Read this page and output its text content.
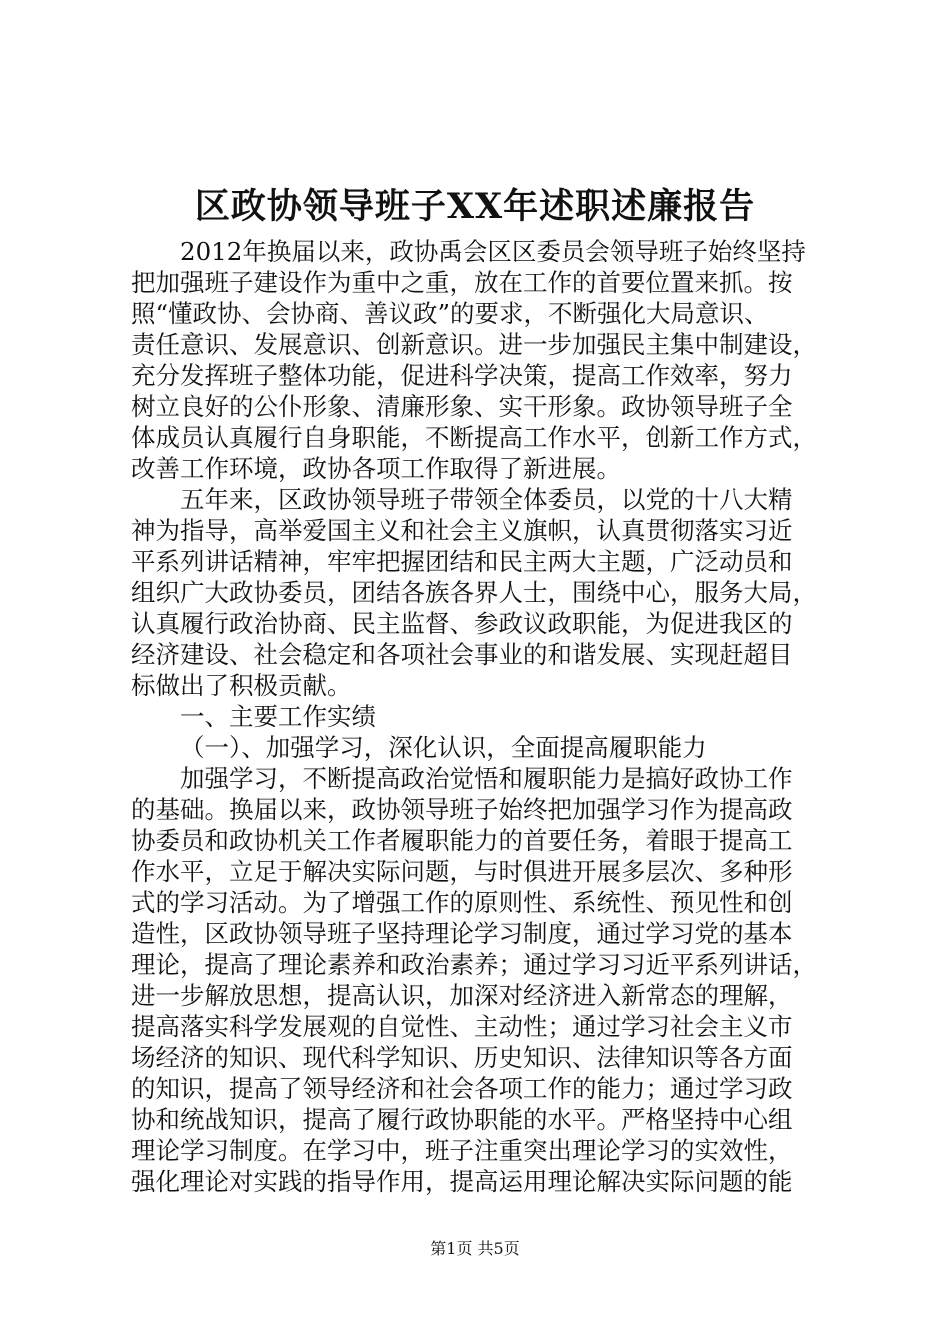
区政协领导班子XX年述职述廉报告

2012年换届以来，政协禹会区区委员会领导班子始终坚持

把加强班子建设作为重中之重，放在工作的首要位置来抓。按

照“懂政协、会协商、善议政”的要求，不断强化大局意识、

责任意识、发展意识、创新意识。进一步加强民主集中制建设，

充分发挥班子整体功能，促进科学决策，提高工作效率，努力

树立良好的公仆形象、清廉形象、实干形象。政协领导班子全

体成员认真履行自身职能，不断提高工作水平，创新工作方式，

改善工作环境，政协各项工作取得了新进展。

五年来，区政协领导班子带领全体委员，以党的十八大精

神为指导，高举爱国主义和社会主义旗帜，认真贯彻落实习近

平系列讲话精神，牢牢把握团结和民主两大主题，广泛动员和

组织广大政协委员，团结各族各界人士，围绕中心，服务大局，

认真履行政治协商、民主监督、参政议政职能，为促进我区的

经济建设、社会稳定和各项社会事业的和谐发展、实现赶超目

标做出了积极贡献。

一、主要工作实绩

（一）、加强学习，深化认识，全面提高履职能力

加强学习，不断提高政治觉悟和履职能力是搞好政协工作

的基础。换届以来，政协领导班子始终把加强学习作为提高政

协委员和政协机关工作者履职能力的首要任务，着眼于提高工

作水平，立足于解决实际问题，与时俱进开展多层次、多种形

式的学习活动。为了增强工作的原则性、系统性、预见性和创

造性，区政协领导班子坚持理论学习制度，通过学习党的基本

理论，提高了理论素养和政治素养；通过学习习近平系列讲话，

进一步解放思想，提高认识，加深对经济进入新常态的理解，

提高落实科学发展观的自觉性、主动性；通过学习社会主义市

场经济的知识、现代科学知识、历史知识、法律知识等各方面

的知识，提高了领导经济和社会各项工作的能力；通过学习政

协和统战知识，提高了履行政协职能的水平。严格坚持中心组

理论学习制度。在学习中，班子注重突出理论学习的实效性，

强化理论对实践的指导作用，提高运用理论解决实际问题的能

第1页 共5页
